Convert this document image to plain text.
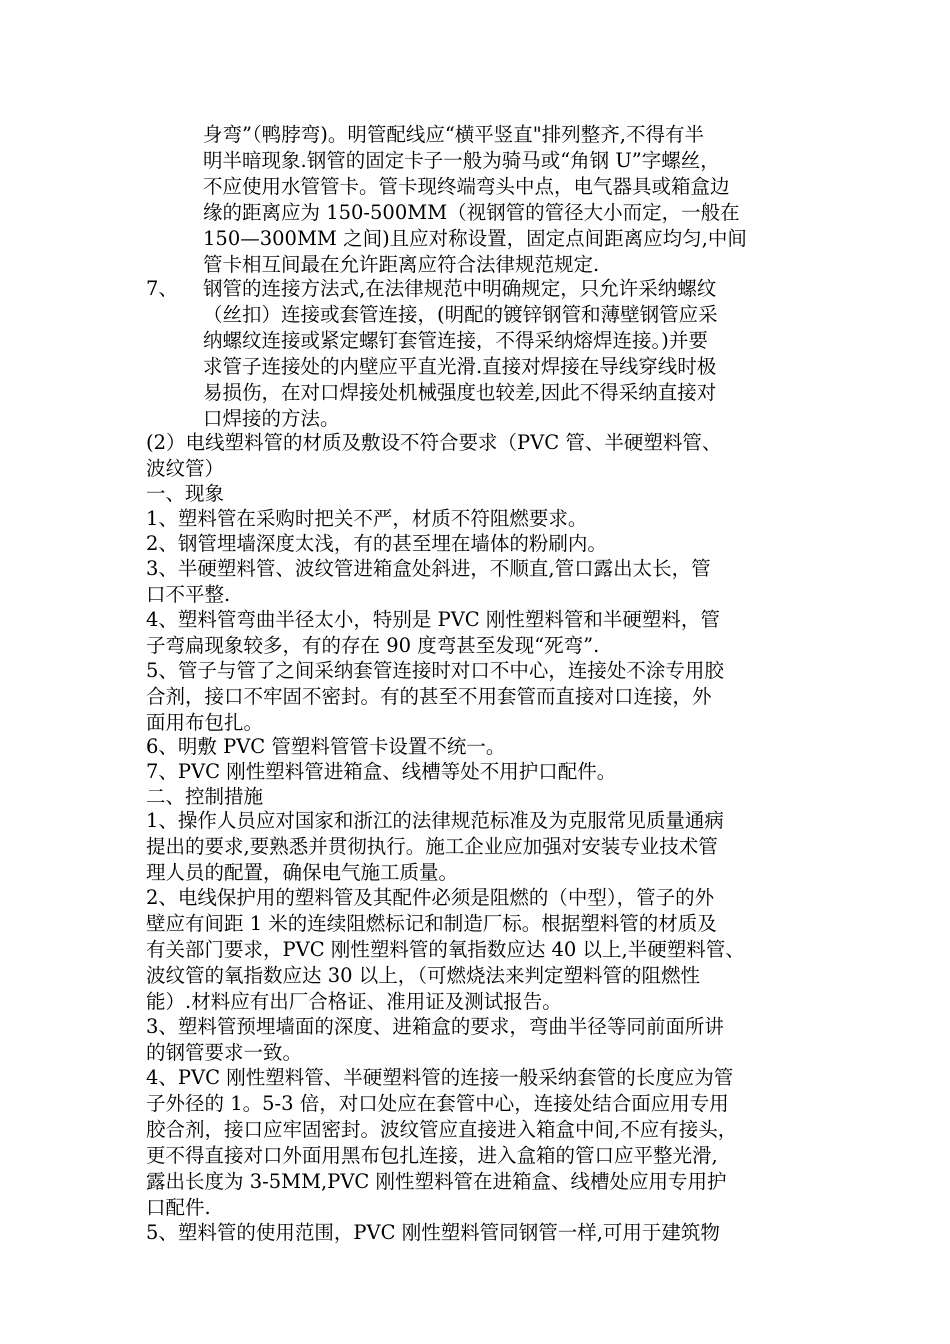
身弯”（鸭脖弯)。明管配线应“横平竖直"排列整齐,不得有半
明半暗现象.钢管的固定卡子一般为骑马或“角钢 U”字螺丝，
不应使用水管管卡。管卡现终端弯头中点，电气器具或箱盒边
缘的距离应为 150-500MM（视钢管的管径大小而定，一般在
150—300MM 之间)且应对称设置，固定点间距离应均匀,中间
管卡相互间最在允许距离应符合法律规范规定.
7、 钢管的连接方法式,在法律规范中明确规定，只允许采纳螺纹
（丝扣）连接或套管连接，(明配的镀锌钢管和薄壁钢管应采
纳螺纹连接或紧定螺钉套管连接，不得采纳熔焊连接。)并要
求管子连接处的内壁应平直光滑.直接对焊接在导线穿线时极
易损伤，在对口焊接处机械强度也较差,因此不得采纳直接对
口焊接的方法。
(2）电线塑料管的材质及敷设不符合要求（PVC 管、半硬塑料管、
波纹管）
一、现象
1、塑料管在采购时把关不严，材质不符阻燃要求。
2、钢管埋墙深度太浅，有的甚至埋在墙体的粉刷内。
3、半硬塑料管、波纹管进箱盒处斜进，不顺直,管口露出太长，管
口不平整.
4、塑料管弯曲半径太小，特别是 PVC 刚性塑料管和半硬塑料，管
子弯扁现象较多，有的存在 90 度弯甚至发现“死弯”.
5、管子与管了之间采纳套管连接时对口不中心，连接处不涂专用胶
合剂，接口不牢固不密封。有的甚至不用套管而直接对口连接，外
面用布包扎。
6、明敷 PVC 管塑料管管卡设置不统一。
7、PVC 刚性塑料管进箱盒、线槽等处不用护口配件。
二、控制措施
1、操作人员应对国家和浙江的法律规范标准及为克服常见质量通病
提出的要求,要熟悉并贯彻执行。施工企业应加强对安装专业技术管
理人员的配置，确保电气施工质量。
2、电线保护用的塑料管及其配件必须是阻燃的（中型），管子的外
壁应有间距 1 米的连续阻燃标记和制造厂标。根据塑料管的材质及
有关部门要求，PVC 刚性塑料管的氧指数应达 40 以上,半硬塑料管、
波纹管的氧指数应达 30 以上，（可燃烧法来判定塑料管的阻燃性
能）.材料应有出厂合格证、准用证及测试报告。
3、塑料管预埋墙面的深度、进箱盒的要求，弯曲半径等同前面所讲
的钢管要求一致。
4、PVC 刚性塑料管、半硬塑料管的连接一般采纳套管的长度应为管
子外径的 1。5-3 倍，对口处应在套管中心，连接处结合面应用专用
胶合剂，接口应牢固密封。波纹管应直接进入箱盒中间,不应有接头，
更不得直接对口外面用黑布包扎连接，进入盒箱的管口应平整光滑,
露出长度为 3-5MM,PVC 刚性塑料管在进箱盒、线槽处应用专用护
口配件.
5、塑料管的使用范围，PVC 刚性塑料管同钢管一样,可用于建筑物
